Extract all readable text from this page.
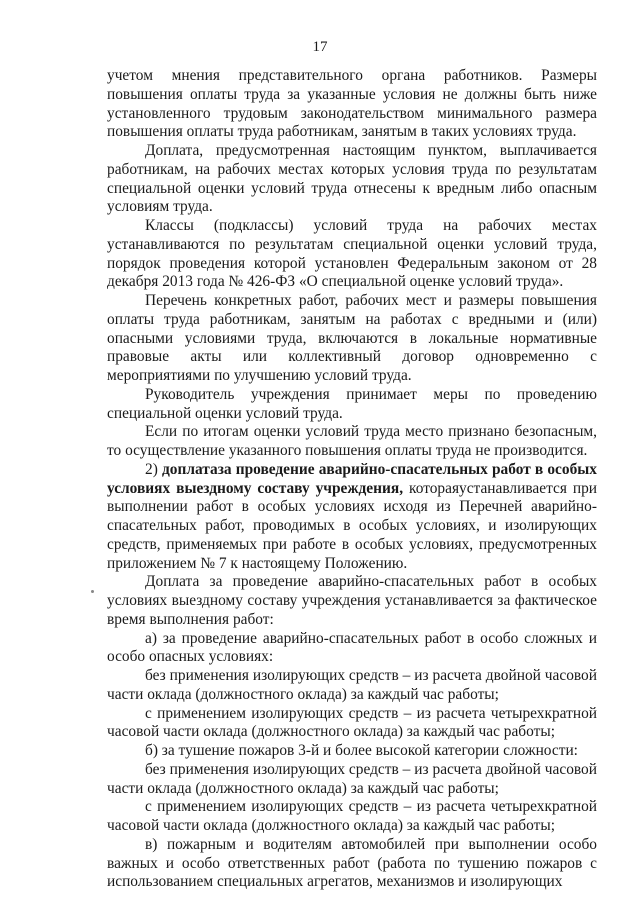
17

учетом мнения представительного органа работников. Размеры повышения оплаты труда за указанные условия не должны быть ниже установленного трудовым законодательством минимального размера повышения оплаты труда работникам, занятым в таких условиях труда.

Доплата, предусмотренная настоящим пунктом, выплачивается работникам, на рабочих местах которых условия труда по результатам специальной оценки условий труда отнесены к вредным либо опасным условиям труда.

Классы (подклассы) условий труда на рабочих местах устанавливаются по результатам специальной оценки условий труда, порядок проведения которой установлен Федеральным законом от 28 декабря 2013 года № 426-ФЗ «О специальной оценке условий труда».

Перечень конкретных работ, рабочих мест и размеры повышения оплаты труда работникам, занятым на работах с вредными и (или) опасными условиями труда, включаются в локальные нормативные правовые акты или коллективный договор одновременно с мероприятиями по улучшению условий труда.

Руководитель учреждения принимает меры по проведению специальной оценки условий труда.

Если по итогам оценки условий труда место признано безопасным, то осуществление указанного повышения оплаты труда не производится.

2) доплатаза проведение аварийно-спасательных работ в особых условиях выездному составу учреждения, котораяустанавливается при выполнении работ в особых условиях исходя из Перечней аварийно-спасательных работ, проводимых в особых условиях, и изолирующих средств, применяемых при работе в особых условиях, предусмотренных приложением № 7 к настоящему Положению.

Доплата за проведение аварийно-спасательных работ в особых условиях выездному составу учреждения устанавливается за фактическое время выполнения работ:

а) за проведение аварийно-спасательных работ в особо сложных и особо опасных условиях:

без применения изолирующих средств – из расчета двойной часовой части оклада (должностного оклада) за каждый час работы;

с применением изолирующих средств – из расчета четырехкратной часовой части оклада (должностного оклада) за каждый час работы;

б) за тушение пожаров 3-й и более высокой категории сложности:

без применения изолирующих средств – из расчета двойной часовой части оклада (должностного оклада) за каждый час работы;

с применением изолирующих средств – из расчета четырехкратной часовой части оклада (должностного оклада) за каждый час работы;

в) пожарным и водителям автомобилей при выполнении особо важных и особо ответственных работ (работа по тушению пожаров с использованием специальных агрегатов, механизмов и изолирующих
